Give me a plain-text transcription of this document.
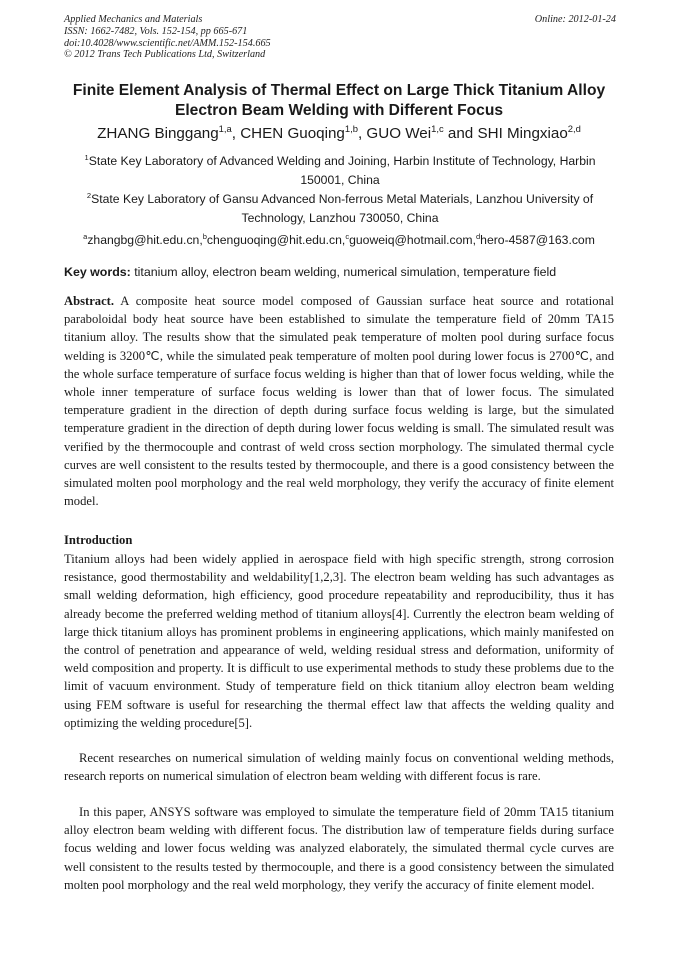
Applied Mechanics and Materials
ISSN: 1662-7482, Vols. 152-154, pp 665-671
doi:10.4028/www.scientific.net/AMM.152-154.665
© 2012 Trans Tech Publications Ltd, Switzerland
Online: 2012-01-24
Finite Element Analysis of Thermal Effect on Large Thick Titanium Alloy
Electron Beam Welding with Different Focus
ZHANG Binggang$^{1,a}$, CHEN Guoqing$^{1,b}$, GUO Wei$^{1,c}$ and SHI Mingxiao$^{2,d}$
$^1$State Key Laboratory of Advanced Welding and Joining, Harbin Institute of Technology, Harbin 150001, China
$^2$State Key Laboratory of Gansu Advanced Non-ferrous Metal Materials, Lanzhou University of Technology, Lanzhou 730050, China
$^a$zhangbg@hit.edu.cn,$^b$chenguoqing@hit.edu.cn,$^c$guoweiq@hotmail.com,$^d$hero-4587@163.com
Key words: titanium alloy, electron beam welding, numerical simulation, temperature field
Abstract. A composite heat source model composed of Gaussian surface heat source and rotational paraboloidal body heat source have been established to simulate the temperature field of 20mm TA15 titanium alloy. The results show that the simulated peak temperature of molten pool during surface focus welding is 3200℃, while the simulated peak temperature of molten pool during lower focus is 2700℃, and the whole surface temperature of surface focus welding is higher than that of lower focus welding, while the whole inner temperature of surface focus welding is lower than that of lower focus. The simulated temperature gradient in the direction of depth during surface focus welding is large, but the simulated temperature gradient in the direction of depth during lower focus welding is small. The simulated result was verified by the thermocouple and contrast of weld cross section morphology. The simulated thermal cycle curves are well consistent to the results tested by thermocouple, and there is a good consistency between the simulated molten pool morphology and the real weld morphology, they verify the accuracy of finite element model.
Introduction
Titanium alloys had been widely applied in aerospace field with high specific strength, strong corrosion resistance, good thermostability and weldability[1,2,3]. The electron beam welding has such advantages as small welding deformation, high efficiency, good procedure repeatability and reproducibility, thus it has already become the preferred welding method of titanium alloys[4]. Currently the electron beam welding of large thick titanium alloys has prominent problems in engineering applications, which mainly manifested on the control of penetration and appearance of weld, welding residual stress and deformation, uniformity of weld composition and property. It is difficult to use experimental methods to study these problems due to the limit of vacuum environment. Study of temperature field on thick titanium alloy electron beam welding using FEM software is useful for researching the thermal effect law that affects the welding quality and optimizing the welding procedure[5].
Recent researches on numerical simulation of welding mainly focus on conventional welding methods, research reports on numerical simulation of electron beam welding with different focus is rare.
In this paper, ANSYS software was employed to simulate the temperature field of 20mm TA15 titanium alloy electron beam welding with different focus. The distribution law of temperature fields during surface focus welding and lower focus welding was analyzed elaborately, the simulated thermal cycle curves are well consistent to the results tested by thermocouple, and there is a good consistency between the simulated molten pool morphology and the real weld morphology, they verify the accuracy of finite element model.
